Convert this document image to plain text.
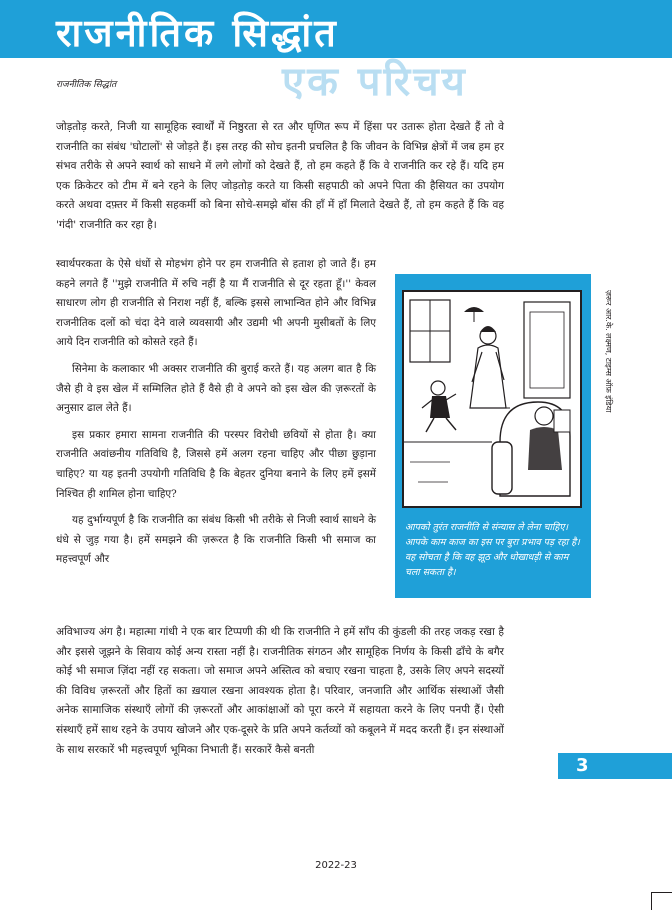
राजनीतिक सिद्धांत
एक परिचय
राजनीतिक सिद्धांत

जोड़तोड़ करते, निजी या सामूहिक स्वार्थों में निष्ठुरता से रत और घृणित रूप में हिंसा पर उतारू होता देखते हैं तो वे राजनीति का संबंध 'घोटालों' से जोड़ते हैं। इस तरह की सोच इतनी प्रचलित है कि जीवन के विभिन्न क्षेत्रों में जब हम हर संभव तरीके से अपने स्वार्थ को साधने में लगे लोगों को देखते हैं, तो हम कहते हैं कि वे राजनीति कर रहे हैं। यदि हम एक क्रिकेटर को टीम में बने रहने के लिए जोड़तोड़ करते या किसी सहपाठी को अपने पिता की हैसियत का उपयोग करते अथवा दफ़्तर में किसी सहकर्मी को बिना सोचे-समझे बॉस की हाँ में हाँ मिलाते देखते हैं, तो हम कहते हैं कि वह 'गंदी' राजनीति कर रहा है।

स्वार्थपरकता के ऐसे धंधों से मोहभंग होने पर हम राजनीति से हताश हो जाते हैं। हम कहने लगते हैं ''मुझे राजनीति में रुचि नहीं है या मैं राजनीति से दूर रहता हूँ।'' केवल साधारण लोग ही राजनीति से निराश नहीं हैं, बल्कि इससे लाभान्वित होने और विभिन्न राजनीतिक दलों को चंदा देने वाले व्यवसायी और उद्यमी भी अपनी मुसीबतों के लिए आये दिन राजनीति को कोसते रहते हैं।

सिनेमा के कलाकार भी अक्सर राजनीति की बुराई करते हैं। यह अलग बात है कि जैसे ही वे इस खेल में सम्मिलित होते हैं वैसे ही वे अपने को इस खेल की ज़रूरतों के अनुसार ढाल लेते हैं।

इस प्रकार हमारा सामना राजनीति की परस्पर विरोधी छवियों से होता है। क्या राजनीति अवांछनीय गतिविधि है, जिससे हमें अलग रहना चाहिए और पीछा छुड़ाना चाहिए? या यह इतनी उपयोगी गतिविधि है कि बेहतर दुनिया बनाने के लिए हमें इसमें निश्चित ही शामिल होना चाहिए?

यह दुर्भाग्यपूर्ण है कि राजनीति का संबंध किसी भी तरीके से निजी स्वार्थ साधने के धंधे से जुड़ गया है। हमें समझने की ज़रूरत है कि राजनीति किसी भी समाज का महत्त्वपूर्ण और

आपको तुरंत राजनीति से संन्यास ले लेना चाहिए। आपके काम काज का इस पर बुरा प्रभाव पड़ रहा है। वह सोचता है कि वह झूठ और धोखाधड़ी से काम चला सकता है।
ज़रूर आर.के. लक्ष्मण, टाइम्स ऑफ़ इंडिया

अविभाज्य अंग है। महात्मा गांधी ने एक बार टिप्पणी की थी कि राजनीति ने हमें साँप की कुंडली की तरह जकड़ रखा है और इससे जूझने के सिवाय कोई अन्य रास्ता नहीं है। राजनीतिक संगठन और सामूहिक निर्णय के किसी ढाँचे के बगैर कोई भी समाज ज़िंदा नहीं रह सकता। जो समाज अपने अस्तित्व को बचाए रखना चाहता है, उसके लिए अपने सदस्यों की विविध ज़रूरतों और हितों का ख़याल रखना आवश्यक होता है। परिवार, जनजाति और आर्थिक संस्थाओं जैसी अनेक सामाजिक संस्थाएँ लोगों की ज़रूरतों और आकांक्षाओं को पूरा करने में सहायता करने के लिए पनपी हैं। ऐसी संस्थाएँ हमें साथ रहने के उपाय खोजने और एक-दूसरे के प्रति अपने कर्तव्यों को कबूलने में मदद करती हैं। इन संस्थाओं के साथ सरकारें भी महत्त्वपूर्ण भूमिका निभाती हैं। सरकारें कैसे बनती

3
2022-23
